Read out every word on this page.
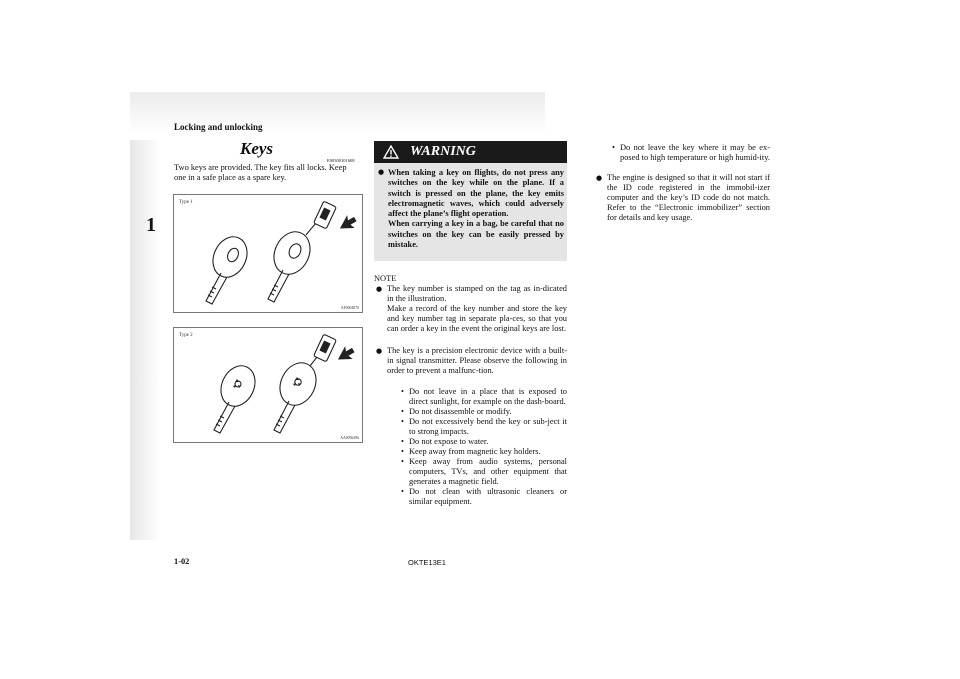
Locking and unlocking
1
Keys
E00300101608
Two keys are provided. The key fits all locks. Keep one in a safe place as a spare key.
Type 1
AF0004870
Type 2
AA0056496
WARNING
● When taking a key on flights, do not press any switches on the key while on the plane. If a switch is pressed on the plane, the key emits electromagnetic waves, which could adversely affect the plane’s flight operation.
When carrying a key in a bag, be careful that no switches on the key can be easily pressed by mistake.
NOTE
● The key number is stamped on the tag as in-dicated in the illustration.
Make a record of the key number and store the key and key number tag in separate pla-ces, so that you can order a key in the event the original keys are lost.
● The key is a precision electronic device with a built-in signal transmitter. Please observe the following in order to prevent a malfunc-tion.
• Do not leave in a place that is exposed to direct sunlight, for example on the dash-board.
• Do not disassemble or modify.
• Do not excessively bend the key or sub-ject it to strong impacts.
• Do not expose to water.
• Keep away from magnetic key holders.
• Keep away from audio systems, personal computers, TVs, and other equipment that generates a magnetic field.
• Do not clean with ultrasonic cleaners or similar equipment.
• Do not leave the key where it may be ex-posed to high temperature or high humid-ity.
● The engine is designed so that it will not start if the ID code registered in the immobil-izer computer and the key’s ID code do not match. Refer to the “Electronic immobilizer” section for details and key usage.
1-02	OKTE13E1
